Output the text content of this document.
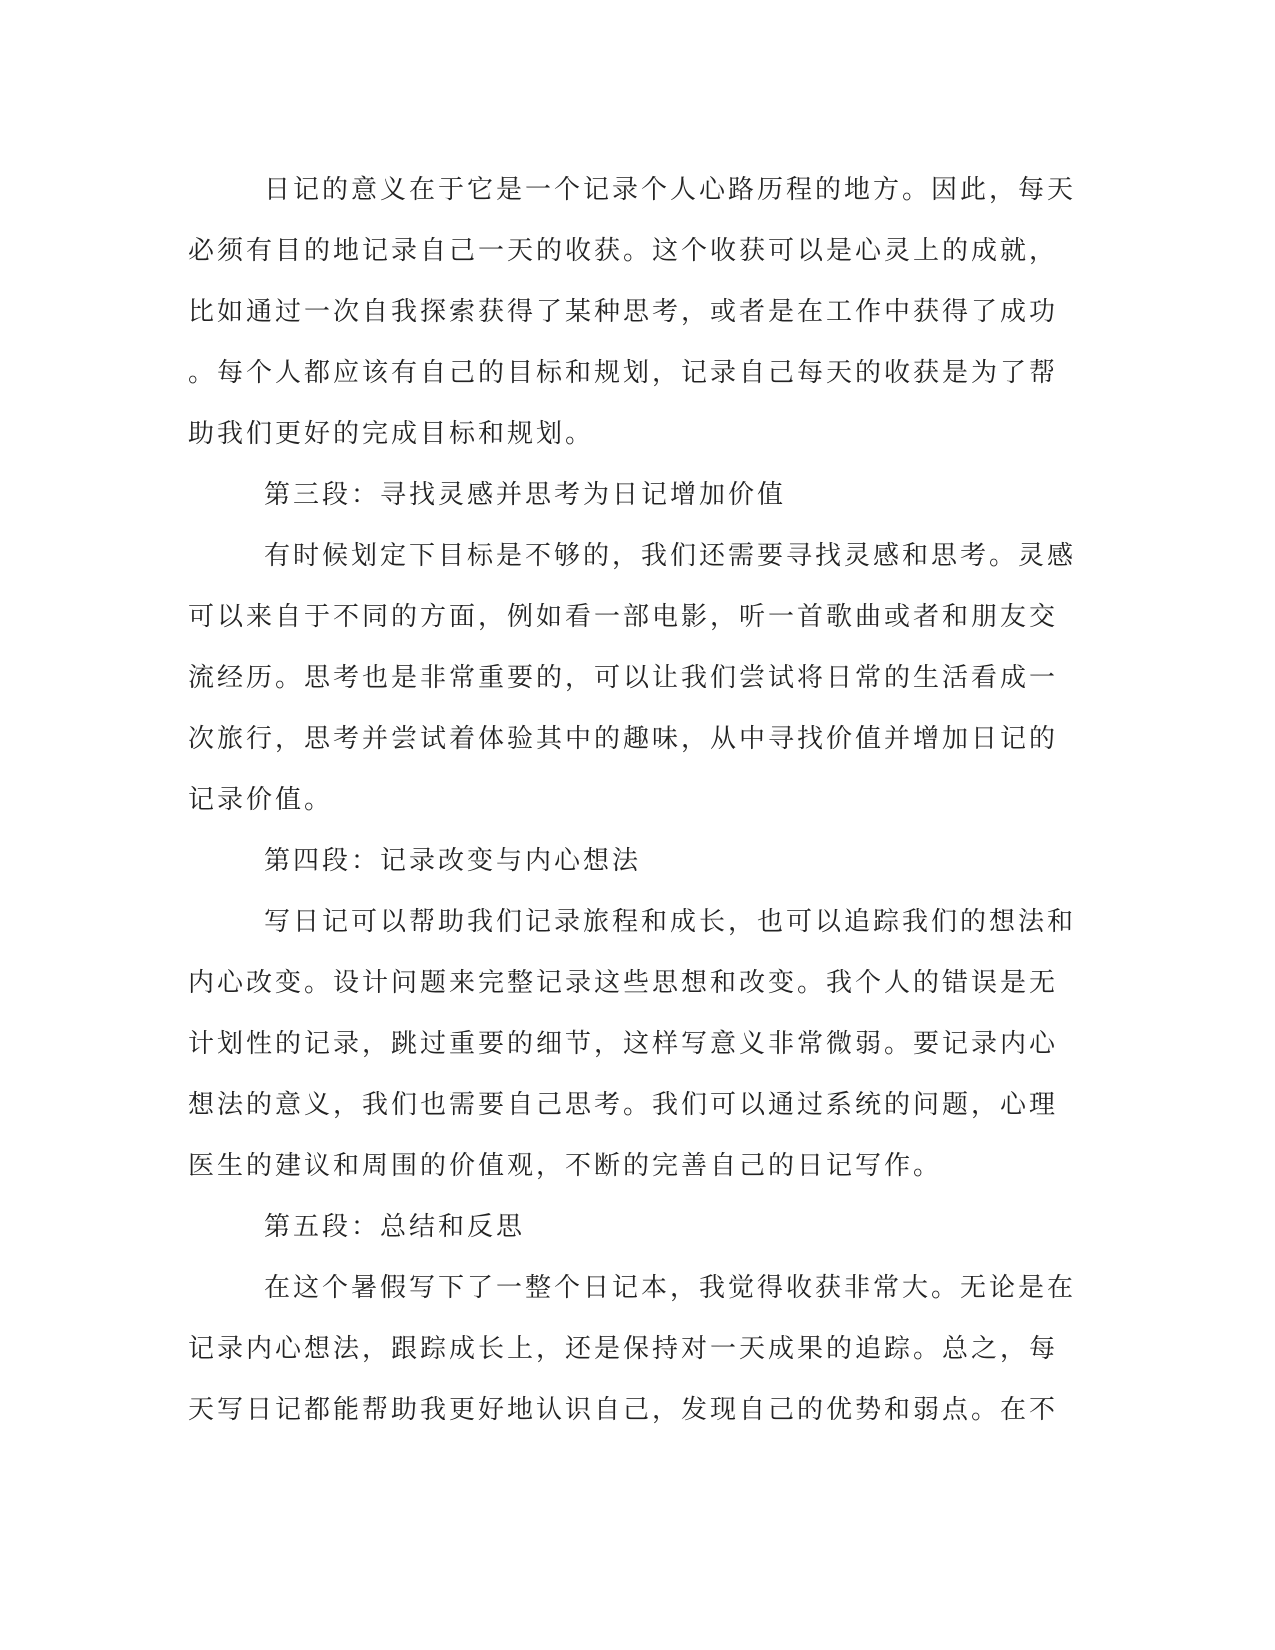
日记的意义在于它是一个记录个人心路历程的地方。因此，每天
必须有目的地记录自己一天的收获。这个收获可以是心灵上的成就，
比如通过一次自我探索获得了某种思考，或者是在工作中获得了成功
。每个人都应该有自己的目标和规划，记录自己每天的收获是为了帮
助我们更好的完成目标和规划。
第三段：寻找灵感并思考为日记增加价值
有时候划定下目标是不够的，我们还需要寻找灵感和思考。灵感
可以来自于不同的方面，例如看一部电影，听一首歌曲或者和朋友交
流经历。思考也是非常重要的，可以让我们尝试将日常的生活看成一
次旅行，思考并尝试着体验其中的趣味，从中寻找价值并增加日记的
记录价值。
第四段：记录改变与内心想法
写日记可以帮助我们记录旅程和成长，也可以追踪我们的想法和
内心改变。设计问题来完整记录这些思想和改变。我个人的错误是无
计划性的记录，跳过重要的细节，这样写意义非常微弱。要记录内心
想法的意义，我们也需要自己思考。我们可以通过系统的问题，心理
医生的建议和周围的价值观，不断的完善自己的日记写作。
第五段：总结和反思
在这个暑假写下了一整个日记本，我觉得收获非常大。无论是在
记录内心想法，跟踪成长上，还是保持对一天成果的追踪。总之，每
天写日记都能帮助我更好地认识自己，发现自己的优势和弱点。在不
